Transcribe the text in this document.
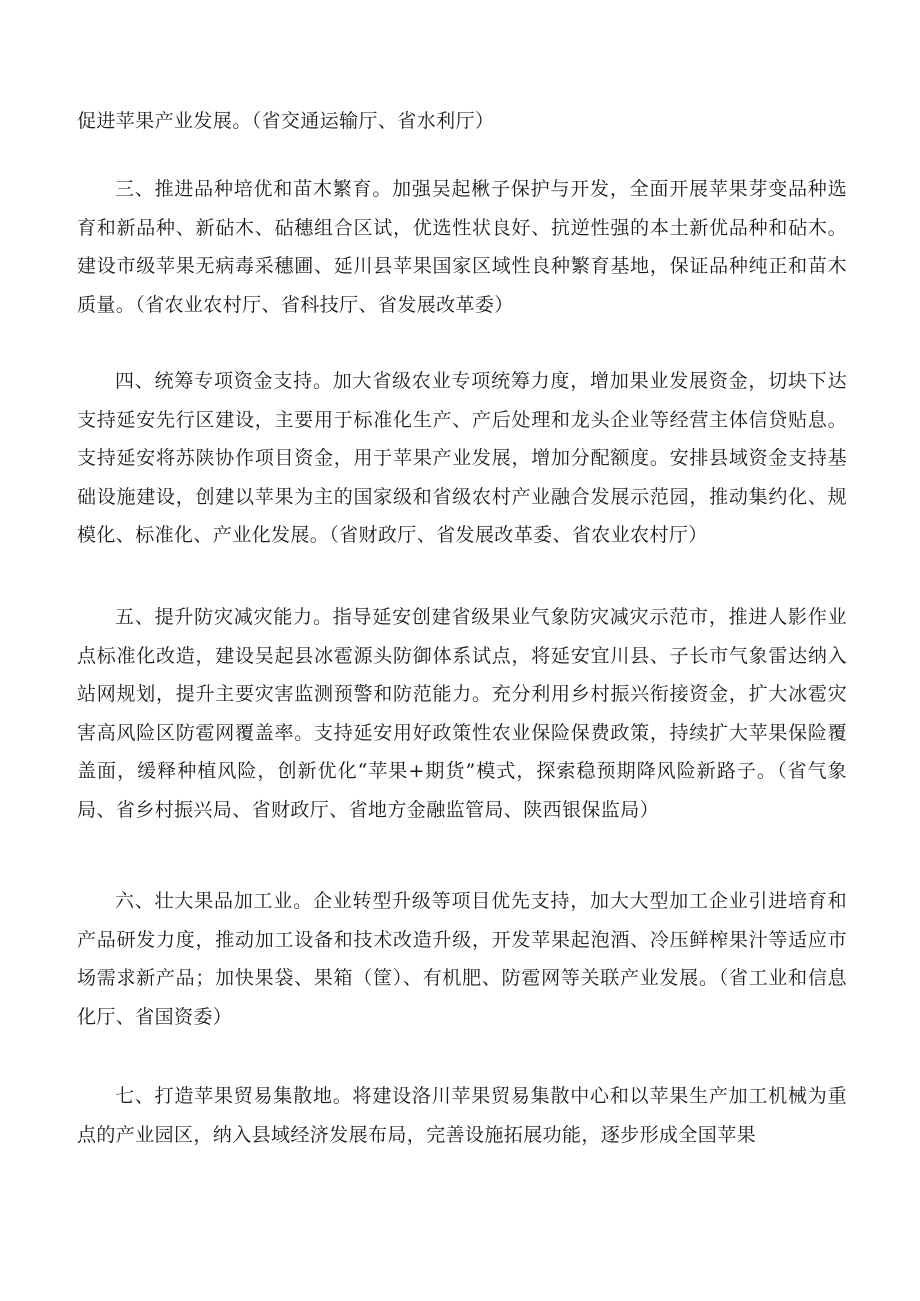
促进苹果产业发展。（省交通运输厅、省水利厅）

三、推进品种培优和苗木繁育。加强吴起楸子保护与开发，全面开展苹果芽变品种选育和新品种、新砧木、砧穗组合区试，优选性状良好、抗逆性强的本土新优品种和砧木。建设市级苹果无病毒采穗圃、延川县苹果国家区域性良种繁育基地，保证品种纯正和苗木质量。（省农业农村厅、省科技厅、省发展改革委）

四、统筹专项资金支持。加大省级农业专项统筹力度，增加果业发展资金，切块下达支持延安先行区建设，主要用于标准化生产、产后处理和龙头企业等经营主体信贷贴息。支持延安将苏陕协作项目资金，用于苹果产业发展，增加分配额度。安排县域资金支持基础设施建设，创建以苹果为主的国家级和省级农村产业融合发展示范园，推动集约化、规模化、标准化、产业化发展。（省财政厅、省发展改革委、省农业农村厅）

五、提升防灾减灾能力。指导延安创建省级果业气象防灾减灾示范市，推进人影作业点标准化改造，建设吴起县冰雹源头防御体系试点，将延安宜川县、子长市气象雷达纳入站网规划，提升主要灾害监测预警和防范能力。充分利用乡村振兴衔接资金，扩大冰雹灾害高风险区防雹网覆盖率。支持延安用好政策性农业保险保费政策，持续扩大苹果保险覆盖面，缓释种植风险，创新优化“苹果+期货”模式，探索稳预期降风险新路子。（省气象局、省乡村振兴局、省财政厅、省地方金融监管局、陕西银保监局）

六、壮大果品加工业。企业转型升级等项目优先支持，加大大型加工企业引进培育和产品研发力度，推动加工设备和技术改造升级，开发苹果起泡酒、冷压鲜榨果汁等适应市场需求新产品；加快果袋、果箱（筐）、有机肥、防雹网等关联产业发展。（省工业和信息化厅、省国资委）

七、打造苹果贸易集散地。将建设洛川苹果贸易集散中心和以苹果生产加工机械为重点的产业园区，纳入县域经济发展布局，完善设施拓展功能，逐步形成全国苹果
